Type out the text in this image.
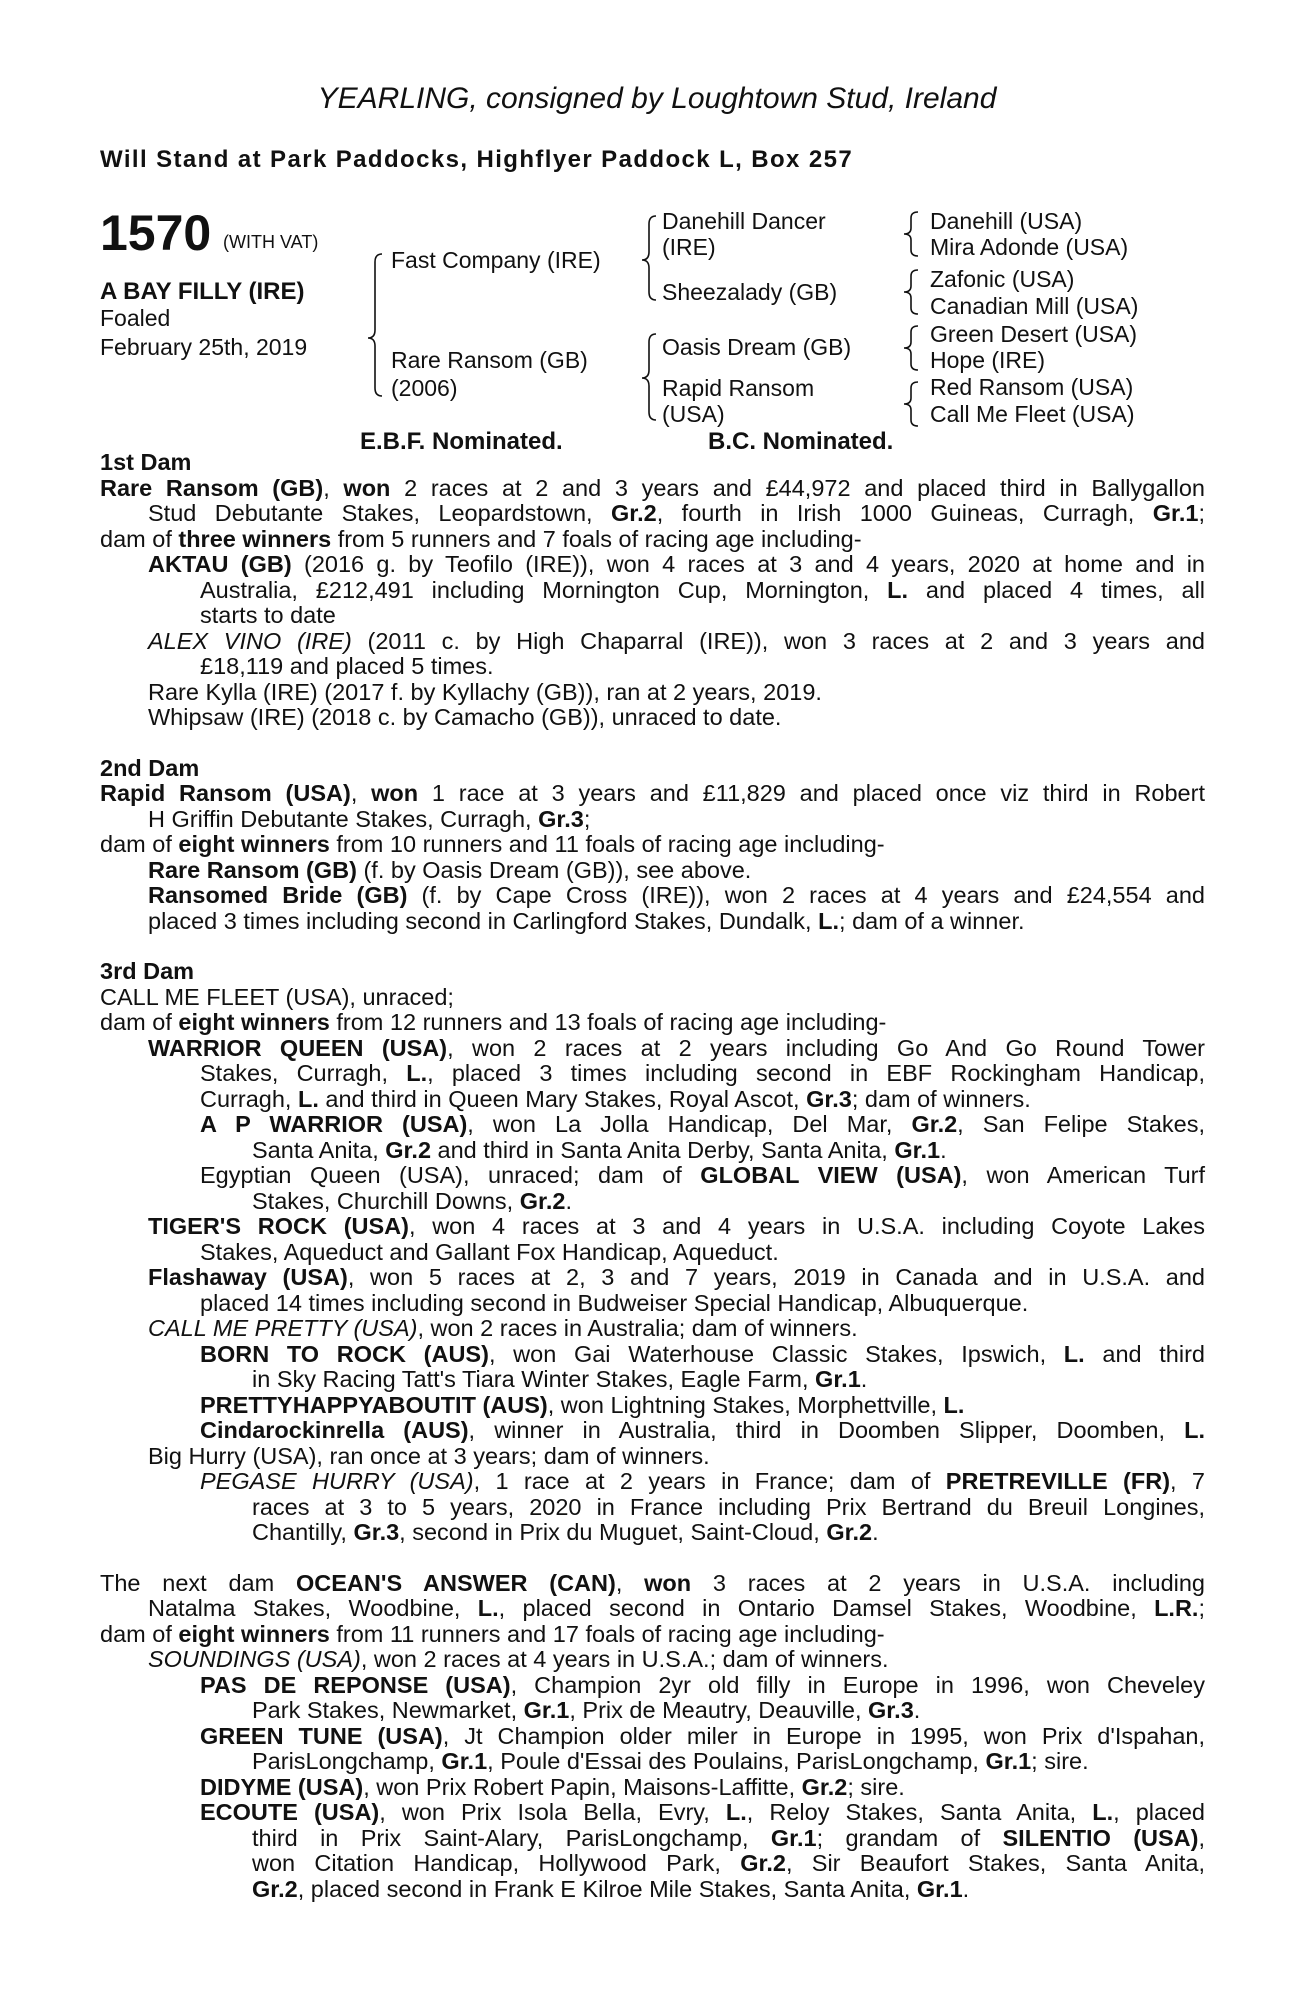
YEARLING, consigned by Loughtown Stud, Ireland
Will Stand at Park Paddocks, Highflyer Paddock L, Box 257
1570 (WITH VAT)
A BAY FILLY (IRE)
Foaled
February 25th, 2019
Fast Company (IRE)
Rare Ransom (GB)
(2006)
Danehill Dancer
(IRE)
Sheezalady (GB)
Oasis Dream (GB)
Rapid Ransom
(USA)
Danehill (USA)
Mira Adonde (USA)
Zafonic (USA)
Canadian Mill (USA)
Green Desert (USA)
Hope (IRE)
Red Ransom (USA)
Call Me Fleet (USA)
E.B.F. Nominated.	B.C. Nominated.
1st Dam
Rare Ransom (GB), won 2 races at 2 and 3 years and £44,972 and placed third in Ballygallon
Stud Debutante Stakes, Leopardstown, Gr.2, fourth in Irish 1000 Guineas, Curragh, Gr.1;
dam of three winners from 5 runners and 7 foals of racing age including-
AKTAU (GB) (2016 g. by Teofilo (IRE)), won 4 races at 3 and 4 years, 2020 at home and in
Australia, £212,491 including Mornington Cup, Mornington, L. and placed 4 times, all
starts to date
ALEX VINO (IRE) (2011 c. by High Chaparral (IRE)), won 3 races at 2 and 3 years and
£18,119 and placed 5 times.
Rare Kylla (IRE) (2017 f. by Kyllachy (GB)), ran at 2 years, 2019.
Whipsaw (IRE) (2018 c. by Camacho (GB)), unraced to date.
2nd Dam
Rapid Ransom (USA), won 1 race at 3 years and £11,829 and placed once viz third in Robert
H Griffin Debutante Stakes, Curragh, Gr.3;
dam of eight winners from 10 runners and 11 foals of racing age including-
Rare Ransom (GB) (f. by Oasis Dream (GB)), see above.
Ransomed Bride (GB) (f. by Cape Cross (IRE)), won 2 races at 4 years and £24,554 and
placed 3 times including second in Carlingford Stakes, Dundalk, L.; dam of a winner.
3rd Dam
CALL ME FLEET (USA), unraced;
dam of eight winners from 12 runners and 13 foals of racing age including-
WARRIOR QUEEN (USA), won 2 races at 2 years including Go And Go Round Tower
Stakes, Curragh, L., placed 3 times including second in EBF Rockingham Handicap,
Curragh, L. and third in Queen Mary Stakes, Royal Ascot, Gr.3; dam of winners.
A P WARRIOR (USA), won La Jolla Handicap, Del Mar, Gr.2, San Felipe Stakes,
Santa Anita, Gr.2 and third in Santa Anita Derby, Santa Anita, Gr.1.
Egyptian Queen (USA), unraced; dam of GLOBAL VIEW (USA), won American Turf
Stakes, Churchill Downs, Gr.2.
TIGER'S ROCK (USA), won 4 races at 3 and 4 years in U.S.A. including Coyote Lakes
Stakes, Aqueduct and Gallant Fox Handicap, Aqueduct.
Flashaway (USA), won 5 races at 2, 3 and 7 years, 2019 in Canada and in U.S.A. and
placed 14 times including second in Budweiser Special Handicap, Albuquerque.
CALL ME PRETTY (USA), won 2 races in Australia; dam of winners.
BORN TO ROCK (AUS), won Gai Waterhouse Classic Stakes, Ipswich, L. and third
in Sky Racing Tatt's Tiara Winter Stakes, Eagle Farm, Gr.1.
PRETTYHAPPYABOUTIT (AUS), won Lightning Stakes, Morphettville, L.
Cindarockinrella (AUS), winner in Australia, third in Doomben Slipper, Doomben, L.
Big Hurry (USA), ran once at 3 years; dam of winners.
PEGASE HURRY (USA), 1 race at 2 years in France; dam of PRETREVILLE (FR), 7
races at 3 to 5 years, 2020 in France including Prix Bertrand du Breuil Longines,
Chantilly, Gr.3, second in Prix du Muguet, Saint-Cloud, Gr.2.
The next dam OCEAN'S ANSWER (CAN), won 3 races at 2 years in U.S.A. including
Natalma Stakes, Woodbine, L., placed second in Ontario Damsel Stakes, Woodbine, L.R.;
dam of eight winners from 11 runners and 17 foals of racing age including-
SOUNDINGS (USA), won 2 races at 4 years in U.S.A.; dam of winners.
PAS DE REPONSE (USA), Champion 2yr old filly in Europe in 1996, won Cheveley
Park Stakes, Newmarket, Gr.1, Prix de Meautry, Deauville, Gr.3.
GREEN TUNE (USA), Jt Champion older miler in Europe in 1995, won Prix d'Ispahan,
ParisLongchamp, Gr.1, Poule d'Essai des Poulains, ParisLongchamp, Gr.1; sire.
DIDYME (USA), won Prix Robert Papin, Maisons-Laffitte, Gr.2; sire.
ECOUTE (USA), won Prix Isola Bella, Evry, L., Reloy Stakes, Santa Anita, L., placed
third in Prix Saint-Alary, ParisLongchamp, Gr.1; grandam of SILENTIO (USA),
won Citation Handicap, Hollywood Park, Gr.2, Sir Beaufort Stakes, Santa Anita,
Gr.2, placed second in Frank E Kilroe Mile Stakes, Santa Anita, Gr.1.
